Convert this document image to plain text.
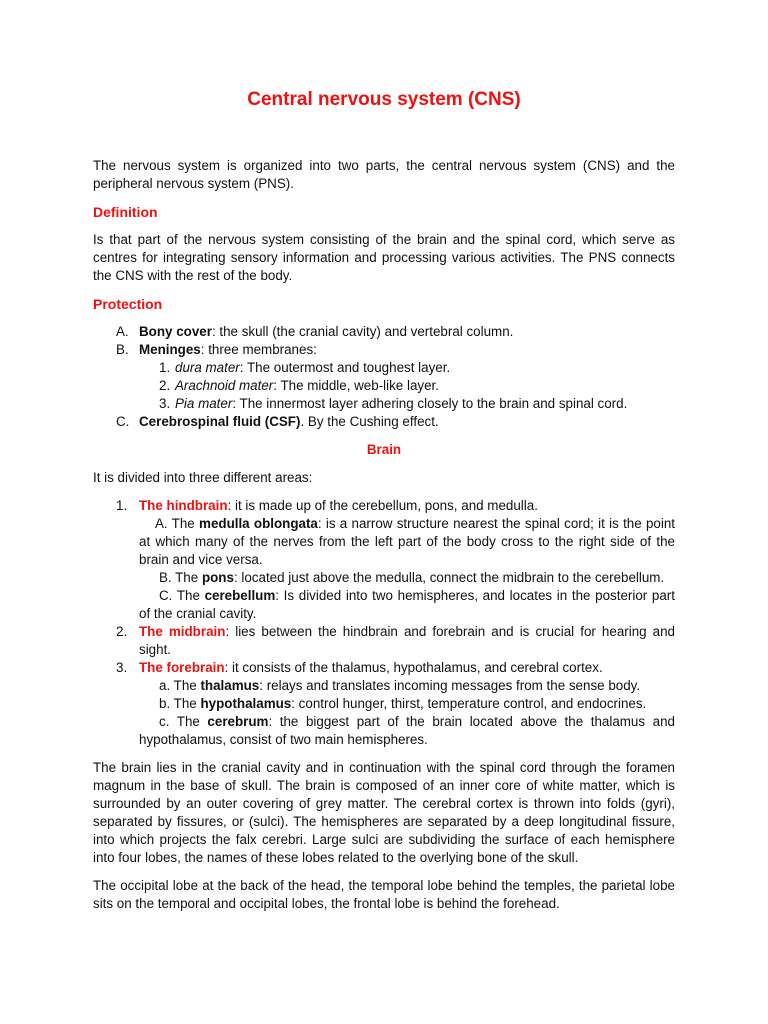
Central nervous system (CNS)

The nervous system is organized into two parts, the central nervous system (CNS) and the peripheral nervous system (PNS).

Definition

Is that part of the nervous system consisting of the brain and the spinal cord, which serve as centres for integrating sensory information and processing various activities. The PNS connects the CNS with the rest of the body.

Protection

A. Bony cover: the skull (the cranial cavity) and vertebral column.
B. Meninges: three membranes:
1. dura mater: The outermost and toughest layer.
2. Arachnoid mater: The middle, web-like layer.
3. Pia mater: The innermost layer adhering closely to the brain and spinal cord.
C. Cerebrospinal fluid (CSF). By the Cushing effect.

Brain

It is divided into three different areas:

1. The hindbrain: it is made up of the cerebellum, pons, and medulla.
A. The medulla oblongata: is a narrow structure nearest the spinal cord; it is the point at which many of the nerves from the left part of the body cross to the right side of the brain and vice versa.
B. The pons: located just above the medulla, connect the midbrain to the cerebellum.
C. The cerebellum: Is divided into two hemispheres, and locates in the posterior part of the cranial cavity.
2. The midbrain: lies between the hindbrain and forebrain and is crucial for hearing and sight.
3. The forebrain: it consists of the thalamus, hypothalamus, and cerebral cortex.
a. The thalamus: relays and translates incoming messages from the sense body.
b. The hypothalamus: control hunger, thirst, temperature control, and endocrines.
c. The cerebrum: the biggest part of the brain located above the thalamus and hypothalamus, consist of two main hemispheres.

The brain lies in the cranial cavity and in continuation with the spinal cord through the foramen magnum in the base of skull. The brain is composed of an inner core of white matter, which is surrounded by an outer covering of grey matter. The cerebral cortex is thrown into folds (gyri), separated by fissures, or (sulci). The hemispheres are separated by a deep longitudinal fissure, into which projects the falx cerebri. Large sulci are subdividing the surface of each hemisphere into four lobes, the names of these lobes related to the overlying bone of the skull.

The occipital lobe at the back of the head, the temporal lobe behind the temples, the parietal lobe sits on the temporal and occipital lobes, the frontal lobe is behind the forehead.
